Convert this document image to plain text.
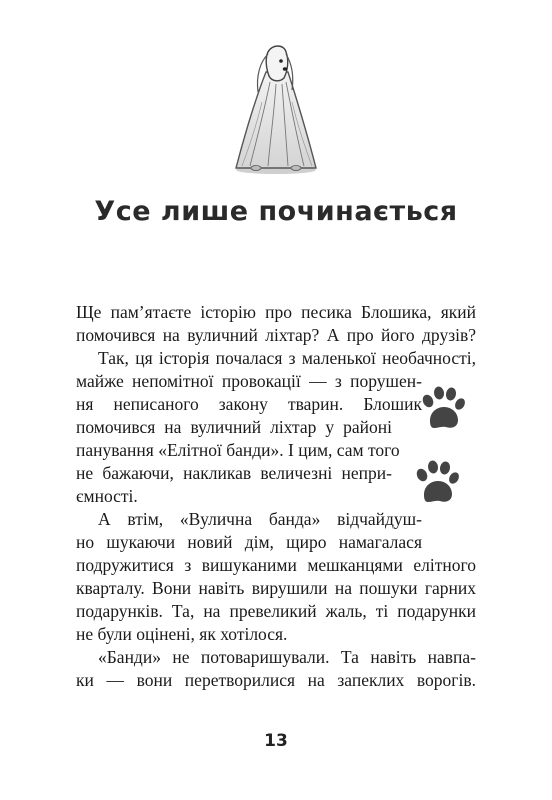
Усе лише починається
Ще пам’ятаєте історію про песика Блошика, який
помочився на вуличний ліхтар? А про його друзів?
Так, ця історія почалася з маленької необачності,
майже непомітної провокації — з порушен-
ня неписаного закону тварин. Блошик
помочився на вуличний ліхтар у районі
панування «Елітної банди». І цим, сам того
не бажаючи, накликав величезні непри-
ємності.
А втім, «Вулична банда» відчайдуш-
но шукаючи новий дім, щиро намагалася
подружитися з вишуканими мешканцями елітного
кварталу. Вони навіть вирушили на пошуки гарних
подарунків. Та, на превеликий жаль, ті подарунки
не були оцінені, як хотілося.
«Банди» не потоваришували. Та навіть навпа-
ки — вони перетворилися на запеклих ворогів.
13
